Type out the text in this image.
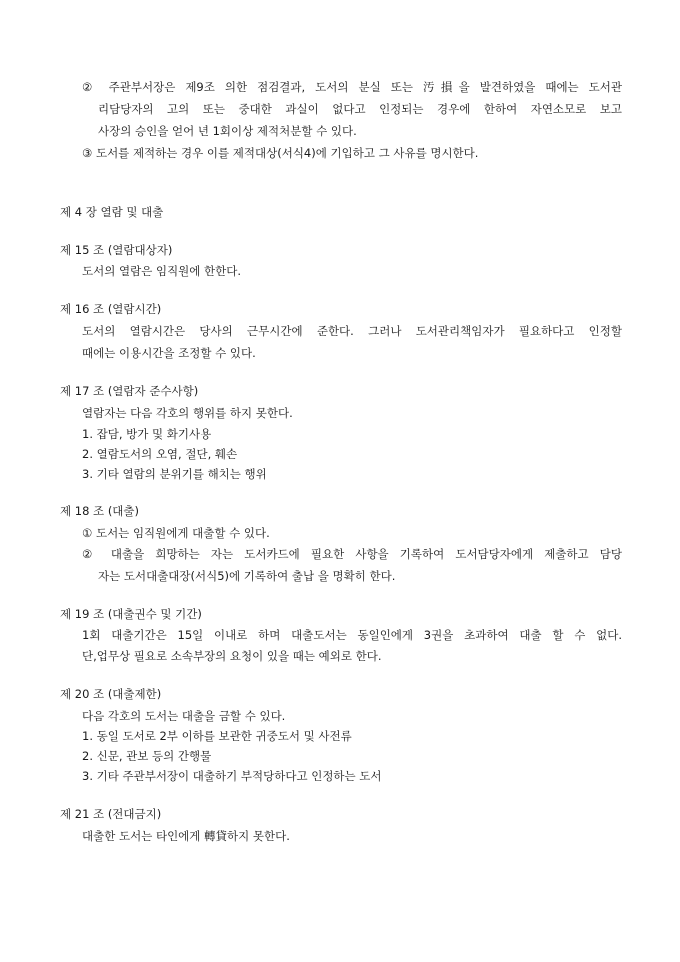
② 주관부서장은 제9조 의한 점검결과, 도서의 분실 또는 汚損을 발견하였을 때에는 도서관
리담당자의 고의 또는 중대한 과실이 없다고 인정되는 경우에 한하여 자연소모로 보고
사장의 승인을 얻어 년 1회이상 제적처분할 수 있다.
③ 도서를 제적하는 경우 이를 제적대상(서식4)에 기입하고 그 사유를 명시한다.
제 4 장 열람 및 대출
제 15 조 (열람대상자)
도서의 열람은 임직원에 한한다.
제 16 조 (열람시간)
도서의 열람시간은 당사의 근무시간에 준한다. 그러나 도서관리책임자가 필요하다고 인정할
때에는 이용시간을 조정할 수 있다.
제 17 조 (열람자 준수사항)
열람자는 다음 각호의 행위를 하지 못한다.
1. 잡담, 방가 및 화기사용
2. 열람도서의 오염, 절단, 훼손
3. 기타 열람의 분위기를 해치는 행위
제 18 조 (대출)
① 도서는 임직원에게 대출할 수 있다.
② 대출을 희망하는 자는 도서카드에 필요한 사항을 기록하여 도서담당자에게 제출하고 담당
자는 도서대출대장(서식5)에 기록하여 출납 을 명확히 한다.
제 19 조 (대출권수 및 기간)
1회 대출기간은 15일 이내로 하며 대출도서는 동일인에게 3권을 초과하여 대출 할 수 없다.
단,업무상 필요로 소속부장의 요청이 있을 때는 예외로 한다.
제 20 조 (대출제한)
다음 각호의 도서는 대출을 금할 수 있다.
1. 동일 도서로 2부 이하를 보관한 귀중도서 및 사전류
2. 신문, 관보 등의 간행물
3. 기타 주관부서장이 대출하기 부적당하다고 인정하는 도서
제 21 조 (전대금지)
대출한 도서는 타인에게 轉貸하지 못한다.
